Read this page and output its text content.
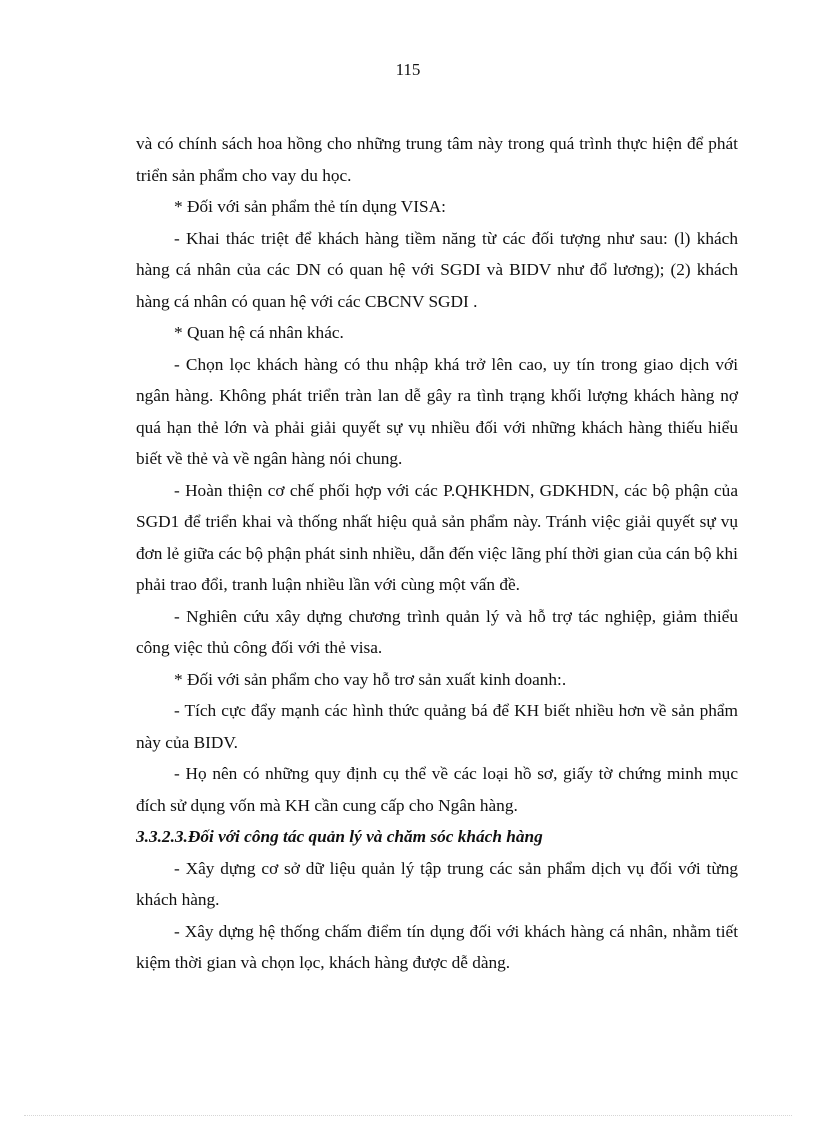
115

và có chính sách hoa hồng cho những trung tâm này trong quá trình thực hiện để phát triển sản phẩm cho vay du học.

* Đối với sản phẩm thẻ tín dụng VISA:

- Khai thác triệt để khách hàng tiềm năng từ các đối tượng như sau: (l) khách hàng cá nhân của các DN có quan hệ với SGDI và BIDV như đổ lương); (2) khách hàng cá nhân có quan hệ với các CBCNV SGDI .

* Quan hệ cá nhân khác.

- Chọn lọc khách hàng có thu nhập khá trở lên cao, uy tín trong giao dịch với ngân hàng. Không phát triển tràn lan dễ gây ra tình trạng khối lượng khách hàng nợ quá hạn thẻ lớn và phải giải quyết sự vụ nhiều đối với những khách hàng thiếu hiểu biết về thẻ và về ngân hàng nói chung.

- Hoàn thiện cơ chế phối hợp với các P.QHKHDN, GDKHDN, các bộ phận của SGD1 để triển khai và thống nhất hiệu quả sản phẩm này. Tránh việc giải quyết sự vụ đơn lẻ giữa các bộ phận phát sinh nhiều, dẫn đến việc lãng phí thời gian của cán bộ khi phải trao đổi, tranh luận nhiều lần với cùng một vấn đề.

- Nghiên cứu xây dựng chương trình quản lý và hỗ trợ tác nghiệp, giảm thiểu công việc thủ công đối với thẻ visa.

* Đối với sản phẩm cho vay hỗ trơ sản xuất kinh doanh:.

- Tích cực đẩy mạnh các hình thức quảng bá để KH biết nhiều hơn về sản phẩm này của BIDV.

- Họ nên có những quy định cụ thể về các loại hồ sơ, giấy tờ chứng minh mục đích sử dụng vốn mà KH cần cung cấp cho Ngân hàng.

3.3.2.3.Đối với công tác quản lý và chăm sóc khách hàng

- Xây dựng cơ sở dữ liệu quản lý tập trung các sản phẩm dịch vụ đối với từng khách hàng.

- Xây dựng hệ thống chấm điểm tín dụng đối với khách hàng cá nhân, nhằm tiết kiệm thời gian và chọn lọc, khách hàng được dễ dàng.
